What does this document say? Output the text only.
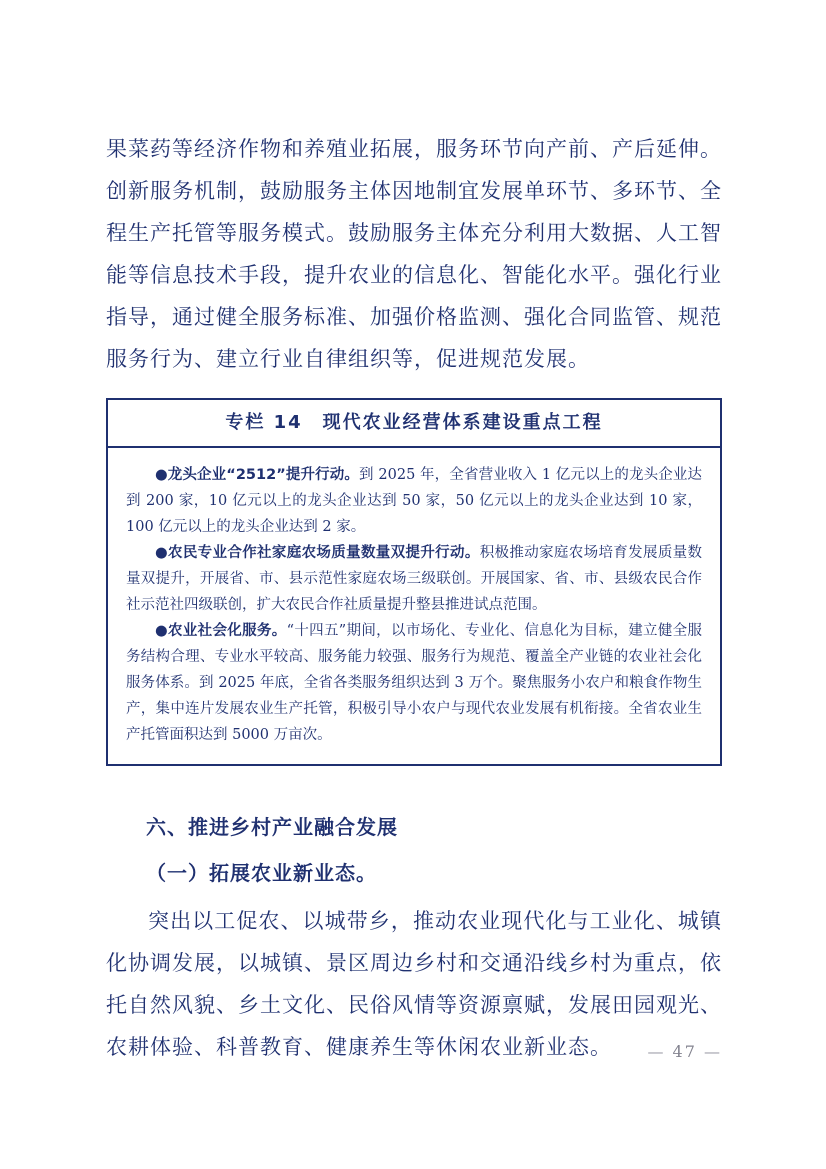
果菜药等经济作物和养殖业拓展，服务环节向产前、产后延伸。创新服务机制，鼓励服务主体因地制宜发展单环节、多环节、全程生产托管等服务模式。鼓励服务主体充分利用大数据、人工智能等信息技术手段，提升农业的信息化、智能化水平。强化行业指导，通过健全服务标准、加强价格监测、强化合同监管、规范服务行为、建立行业自律组织等，促进规范发展。

专栏 14　现代农业经营体系建设重点工程

●龙头企业“2512”提升行动。到 2025 年，全省营业收入 1 亿元以上的龙头企业达到 200 家，10 亿元以上的龙头企业达到 50 家，50 亿元以上的龙头企业达到 10 家，100 亿元以上的龙头企业达到 2 家。

●农民专业合作社家庭农场质量数量双提升行动。积极推动家庭农场培育发展质量数量双提升，开展省、市、县示范性家庭农场三级联创。开展国家、省、市、县级农民合作社示范社四级联创，扩大农民合作社质量提升整县推进试点范围。

●农业社会化服务。“十四五”期间，以市场化、专业化、信息化为目标，建立健全服务结构合理、专业水平较高、服务能力较强、服务行为规范、覆盖全产业链的农业社会化服务体系。到 2025 年底，全省各类服务组织达到 3 万个。聚焦服务小农户和粮食作物生产，集中连片发展农业生产托管，积极引导小农户与现代农业发展有机衔接。全省农业生产托管面积达到 5000 万亩次。

六、推进乡村产业融合发展
（一）拓展农业新业态。

突出以工促农、以城带乡，推动农业现代化与工业化、城镇化协调发展，以城镇、景区周边乡村和交通沿线乡村为重点，依托自然风貌、乡土文化、民俗风情等资源禀赋，发展田园观光、农耕体验、科普教育、健康养生等休闲农业新业态。	— 47 —
